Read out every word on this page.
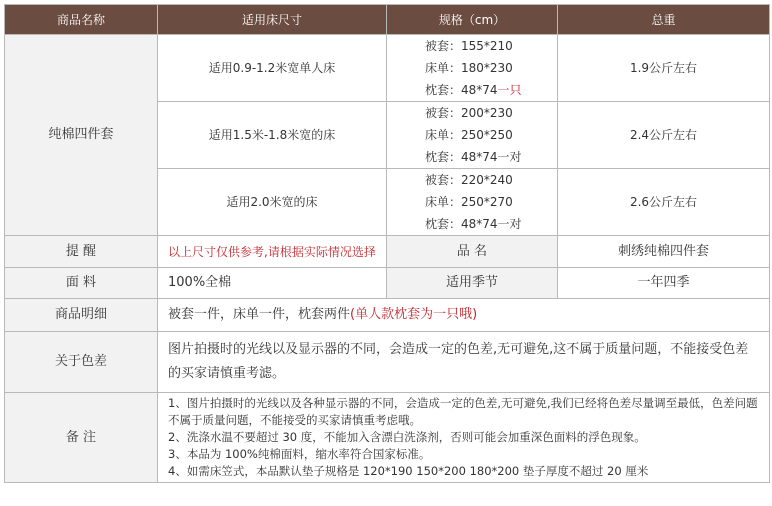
商品名称	适用床尺寸	规格（cm）	总重
纯棉四件套	适用0.9-1.2米宽单人床	被套：155*210
床单：180*230
枕套：48*74一只	1.9公斤左右
	适用1.5米-1.8米宽的床	被套：200*230
床单：250*250
枕套：48*74一对	2.4公斤左右
	适用2.0米宽的床	被套：220*240
床单：250*270
枕套：48*74一对	2.6公斤左右
提 醒	以上尺寸仅供参考,请根据实际情况选择	品 名	刺绣纯棉四件套
面 料	100%全棉	适用季节	一年四季
商品明细	被套一件，床单一件，枕套两件(单人款枕套为一只哦)		
关于色差	图片拍摄时的光线以及显示器的不同，会造成一定的色差,无可避免,这不属于质量问题，不能接受色差的买家请慎重考滤。		
备 注	1、图片拍摄时的光线以及各种显示器的不同，会造成一定的色差,无可避免,我们已经将色差尽量调至最低，色差问题不属于质量问题，不能接受的买家请慎重考虑哦。
2、洗涤水温不要超过 30 度，不能加入含漂白洗涤剂，否则可能会加重深色面料的浮色现象。
3、本品为 100%纯棉面料，缩水率符合国家标准。
4、如需床笠式，本品默认垫子规格是 120*190 150*200 180*200 垫子厚度不超过 20 厘米		
